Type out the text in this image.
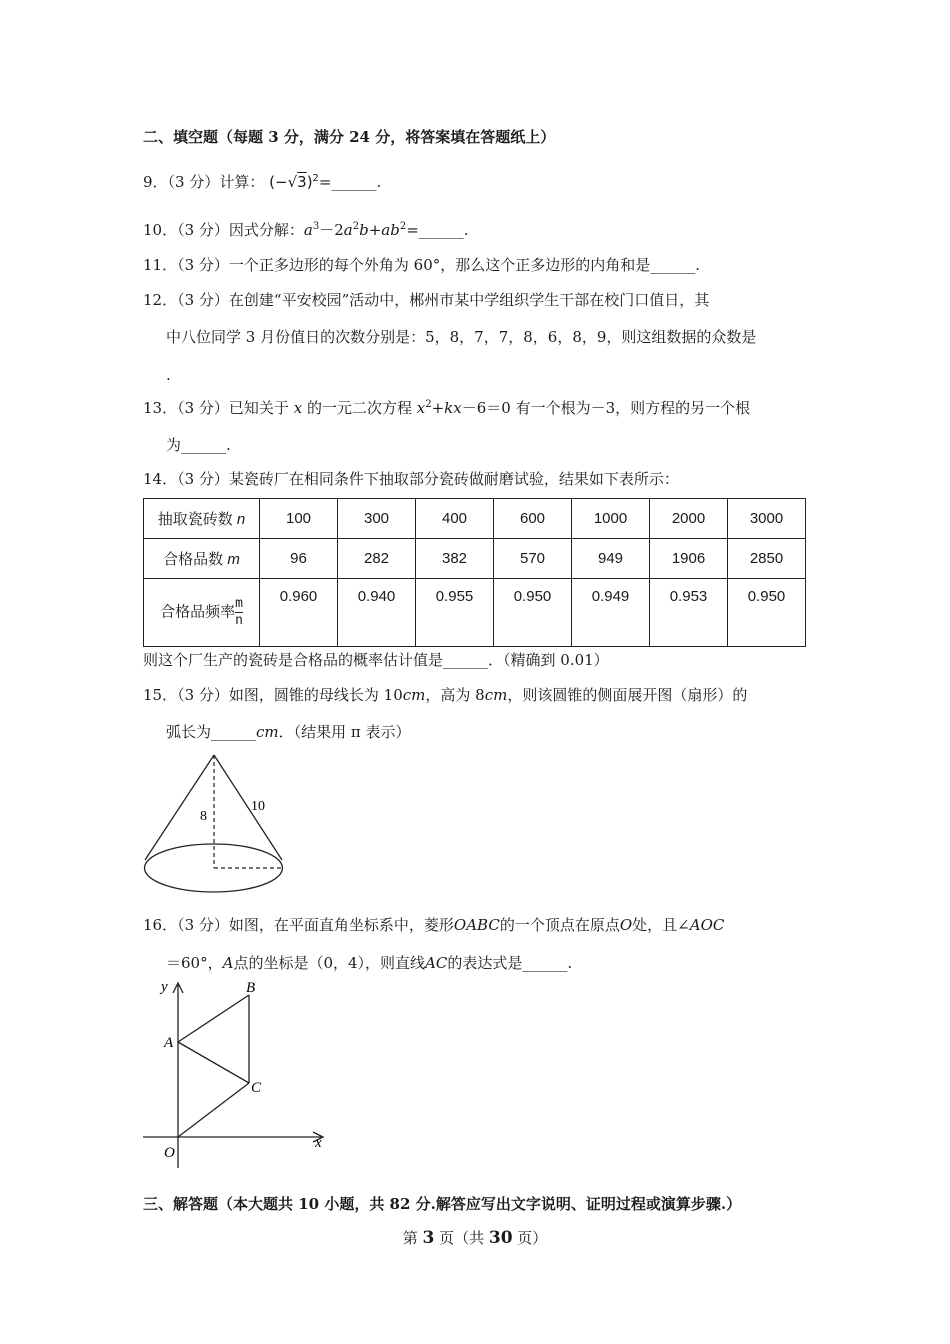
二、填空题（每题 3 分，满分 24 分，将答案填在答题纸上）
9．（3 分）计算： $(-√3)^2=\_\_\_\_\_\_$.
10．（3 分）因式分解：$a^3-2a^2b+ab^2=\_\_\_\_\_\_$.
11．（3 分）一个正多边形的每个外角为 60°，那么这个正多边形的内角和是______.
12．（3 分）在创建“平安校园”活动中，郴州市某中学组织学生干部在校门口值日，其
中八位同学 3 月份值日的次数分别是：5，8，7，7，8，6，8，9，则这组数据的众数是
.
13．（3 分）已知关于 x 的一元二次方程 $x^2+kx-6=0$ 有一个根为－3，则方程的另一个根
为______.
14．（3 分）某瓷砖厂在相同条件下抽取部分瓷砖做耐磨试验，结果如下表所示：
抽取瓷砖数 n	100	300	400	600	1000	2000	3000
合格品数 m	96	282	382	570	949	1906	2850
合格品频率 $\frac{m}{n}$	0.960	0.940	0.955	0.950	0.949	0.953	0.950
则这个厂生产的瓷砖是合格品的概率估计值是______．（精确到 0.01）
15．（3 分）如图，圆锥的母线长为 10cm，高为 8cm，则该圆锥的侧面展开图（扇形）的
弧长为______cm．（结果用 π 表示）
8
10
16．（3 分）如图，在平面直角坐标系中，菱形OABC的一个顶点在原点O处，且∠AOC
＝60°，A点的坐标是（0，4），则直线AC的表达式是______.
y
x
O
A
B
C
三、解答题（本大题共 10 小题，共 82 分.解答应写出文字说明、证明过程或演算步骤.）
第 3 页（共 30 页）
